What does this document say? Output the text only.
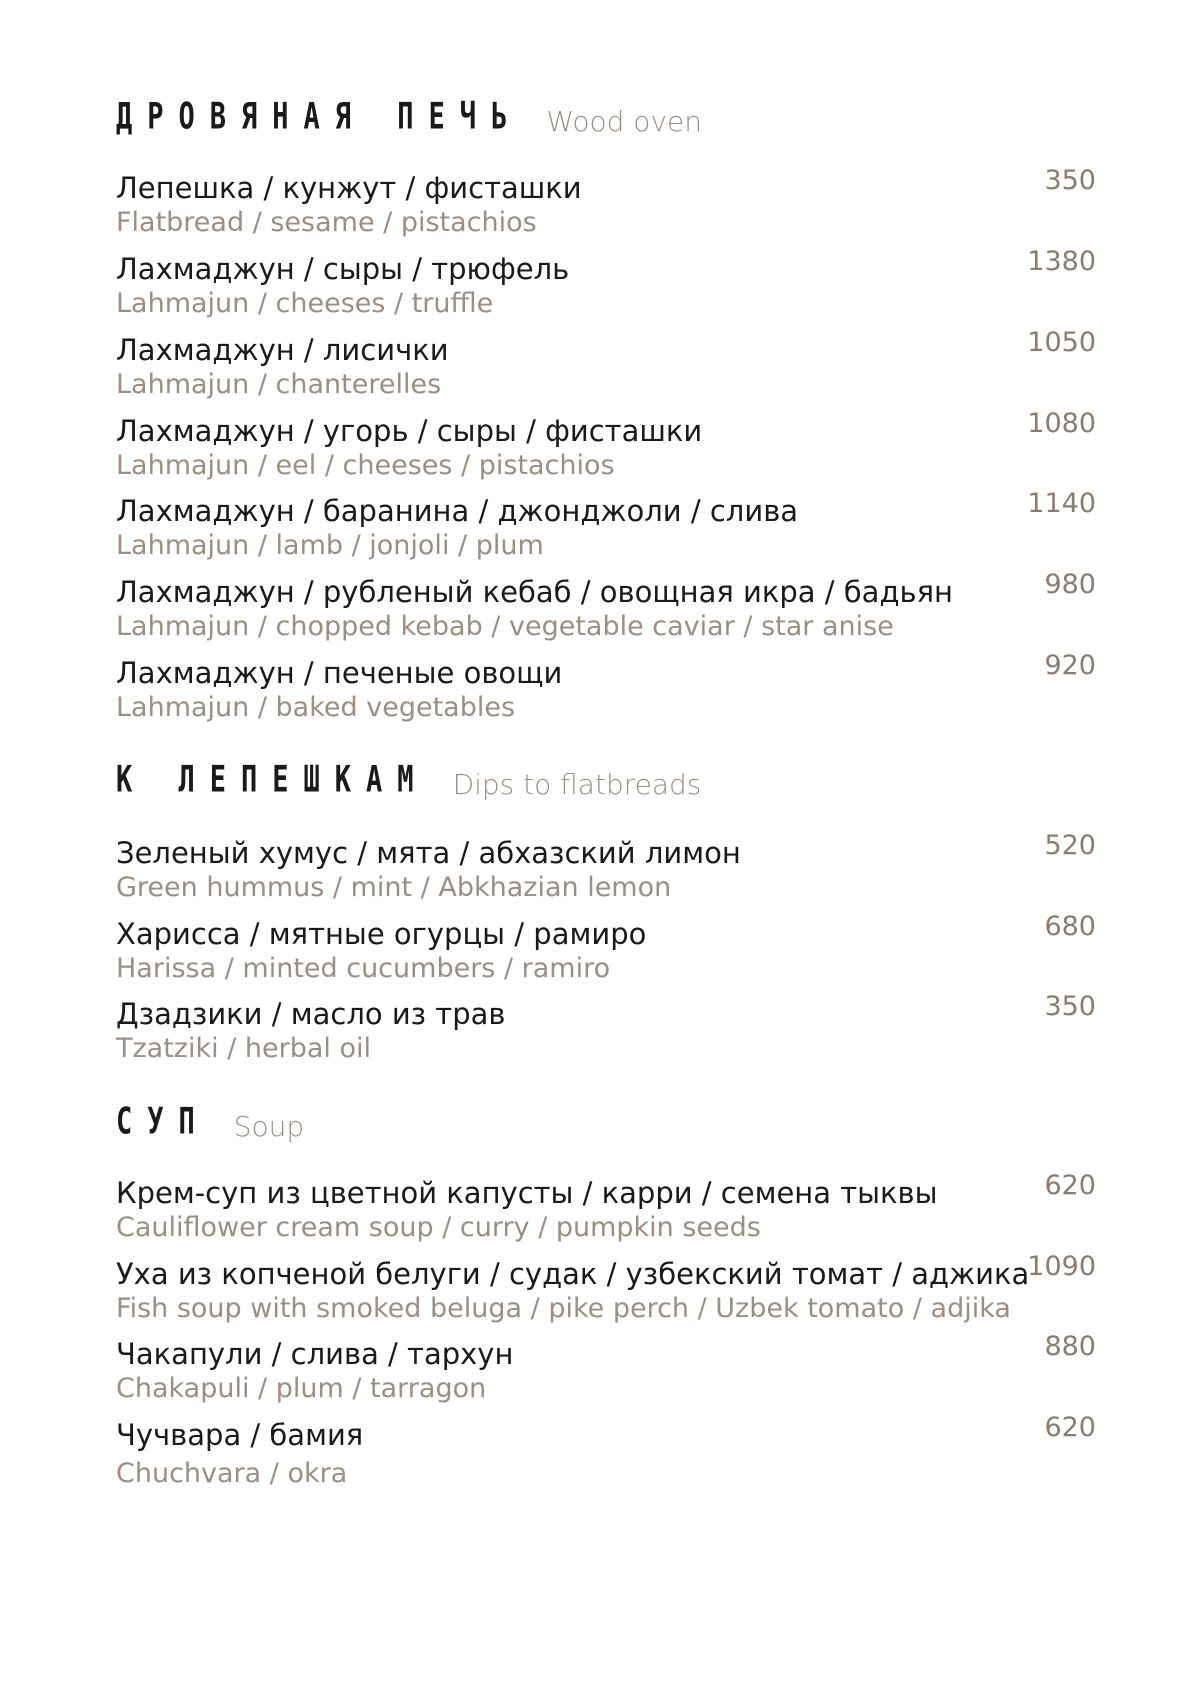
ДРОВЯНАЯ ПЕЧЬ Wood oven
Лепешка / кунжут / фисташки
Flatbread / sesame / pistachios
350
Лахмаджун / сыры / трюфель
Lahmajun / cheeses / truffle
1380
Лахмаджун / лисички
Lahmajun / chanterelles
1050
Лахмаджун / угорь / сыры / фисташки
Lahmajun / eel / cheeses / pistachios
1080
Лахмаджун / баранина / джонджоли / слива
Lahmajun / lamb / jonjoli / plum
1140
Лахмаджун / рубленый кебаб / овощная икра / бадьян
Lahmajun / chopped kebab / vegetable caviar / star anise
980
Лахмаджун / печеные овощи
Lahmajun / baked vegetables
920
К ЛЕПЕШКАМ Dips to flatbreads
Зеленый хумус / мята / абхазский лимон
Green hummus / mint / Abkhazian lemon
520
Харисса / мятные огурцы / рамиро
Harissa / minted cucumbers / ramiro
680
Дзадзики / масло из трав
Tzatziki / herbal oil
350
СУП Soup
Крем-суп из цветной капусты / карри / семена тыквы
Cauliflower cream soup / curry / pumpkin seeds
620
Уха из копченой белуги / судак / узбекский томат / аджика
Fish soup with smoked beluga / pike perch / Uzbek tomato / adjika
1090
Чакапули / слива / тархун
Chakapuli / plum / tarragon
880
Чучвара / бамия
Chuchvara / okra
620
